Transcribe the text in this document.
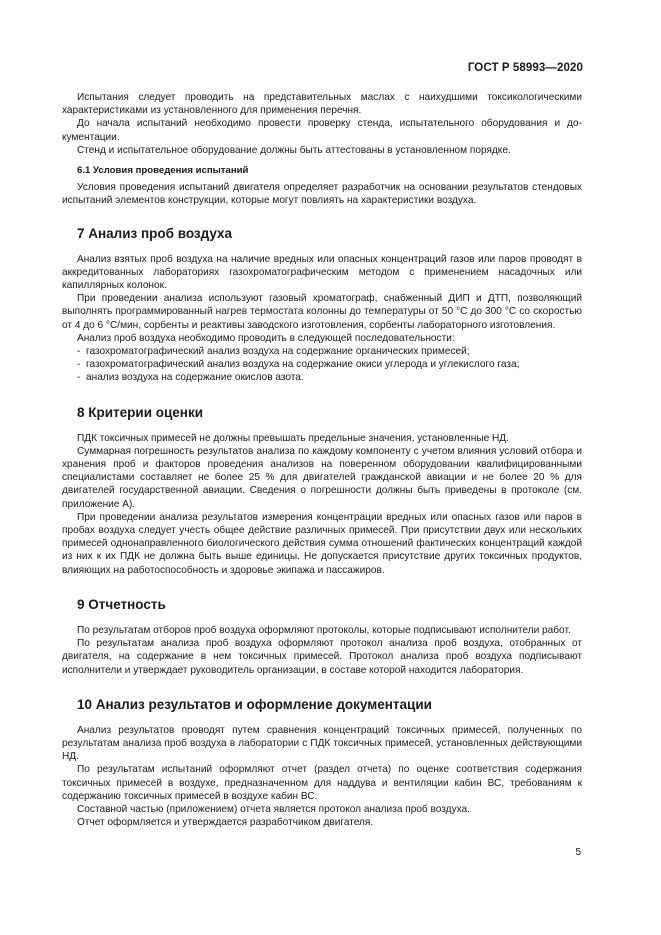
ГОСТ Р 58993—2020

Испытания следует проводить на представительных маслах с наихудшими токсикологическими характеристиками из установленного для применения перечня.

До начала испытаний необходимо провести проверку стенда, испытательного оборудования и документации.

Стенд и испытательное оборудование должны быть аттестованы в установленном порядке.

6.1 Условия проведения испытаний

Условия проведения испытаний двигателя определяет разработчик на основании результатов стендовых испытаний элементов конструкции, которые могут повлиять на характеристики воздуха.

7 Анализ проб воздуха

Анализ взятых проб воздуха на наличие вредных или опасных концентраций газов или паров проводят в аккредитованных лабораториях газохроматографическим методом с применением насадочных или капиллярных колонок.

При проведении анализа используют газовый хроматограф, снабженный ДИП и ДТП, позволяющий выполнять программированный нагрев термостата колонны до температуры от 50 °С до 300 °С со скоростью от 4 до 6 °С/мин, сорбенты и реактивы заводского изготовления, сорбенты лабораторного изготовления.

Анализ проб воздуха необходимо проводить в следующей последовательности:

- газохроматографический анализ воздуха на содержание органических примесей;
- газохроматографический анализ воздуха на содержание окиси углерода и углекислого газа;
- анализ воздуха на содержание окислов азота.
8 Критерии оценки

ПДК токсичных примесей не должны превышать предельные значения, установленные НД.

Суммарная погрешность результатов анализа по каждому компоненту с учетом влияния условий отбора и хранения проб и факторов проведения анализов на поверенном оборудовании квалифицированными специалистами составляет не более 25 % для двигателей гражданской авиации и не более 20 % для двигателей государственной авиации. Сведения о погрешности должны быть приведены в протоколе (см. приложение А).

При проведении анализа результатов измерения концентрации вредных или опасных газов или паров в пробах воздуха следует учесть общее действие различных примесей. При присутствии двух или нескольких примесей однонаправленного биологического действия сумма отношений фактических концентраций каждой из них к их ПДК не должна быть выше единицы. Не допускается присутствие других токсичных продуктов, влияющих на работоспособность и здоровье экипажа и пассажиров.

9 Отчетность

По результатам отборов проб воздуха оформляют протоколы, которые подписывают исполнители работ.

По результатам анализа проб воздуха оформляют протокол анализа проб воздуха, отобранных от двигателя, на содержание в нем токсичных примесей. Протокол анализа проб воздуха подписывают исполнители и утверждает руководитель организации, в составе которой находится лаборатория.

10 Анализ результатов и оформление документации

Анализ результатов проводят путем сравнения концентраций токсичных примесей, полученных по результатам анализа проб воздуха в лаборатории с ПДК токсичных примесей, установленных действующими НД.

По результатам испытаний оформляют отчет (раздел отчета) по оценке соответствия содержания токсичных примесей в воздухе, предназначенном для наддува и вентиляции кабин ВС, требованиям к содержанию токсичных примесей в воздухе кабин ВС.

Составной частью (приложением) отчета является протокол анализа проб воздуха.

Отчет оформляется и утверждается разработчиком двигателя.

5
